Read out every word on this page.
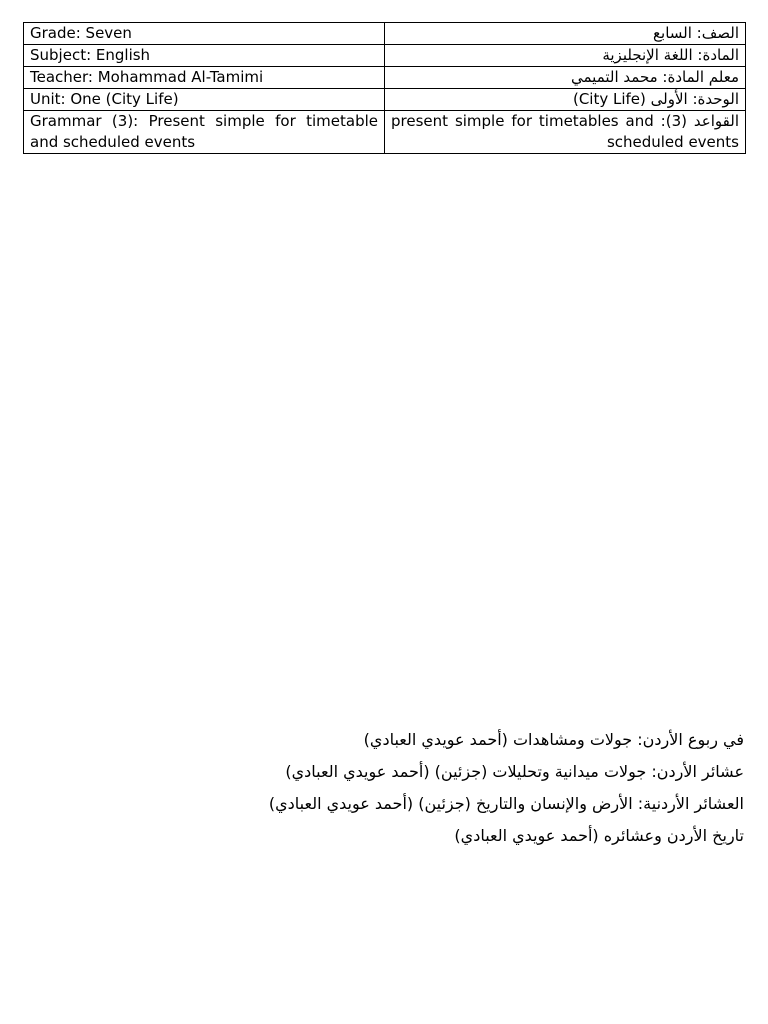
Grade: Seven	الصف: السابع
Subject: English	المادة: اللغة الإنجليزية
Teacher: Mohammad Al-Tamimi	معلم المادة: محمد التميمي
Unit: One (City Life)	الوحدة: الأولى (City Life)
Grammar (3): Present simple for timetable and scheduled events	القواعد (3): present simple for timetables and scheduled events
في ربوع الأردن: جولات ومشاهدات (أحمد عويدي العبادي)
عشائر الأردن: جولات ميدانية وتحليلات (جزئين) (أحمد عويدي العبادي)
العشائر الأردنية: الأرض والإنسان والتاريخ (جزئين) (أحمد عويدي العبادي)
تاريخ الأردن وعشائره (أحمد عويدي العبادي)
